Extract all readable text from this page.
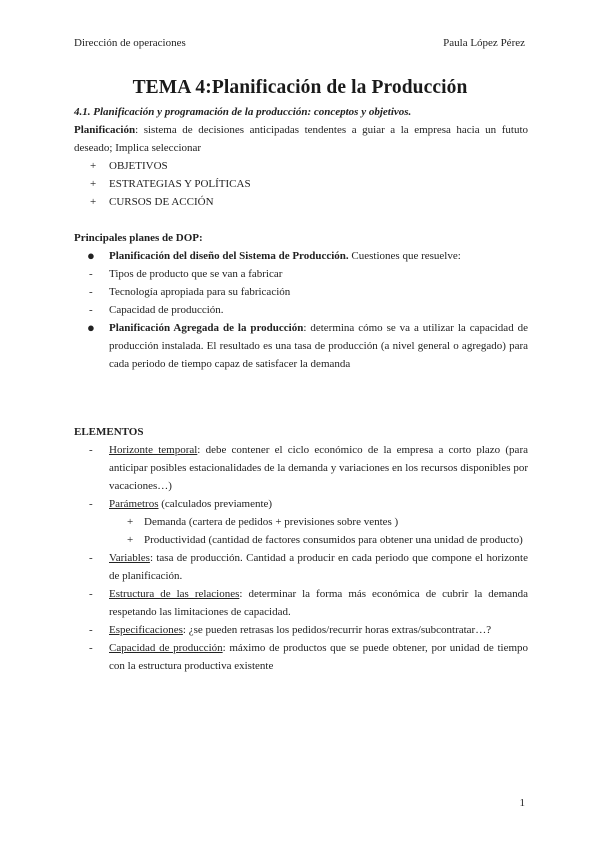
Dirección de operaciones	Paula López Pérez
TEMA 4:Planificación de la Producción
4.1. Planificación y programación de la producción: conceptos y objetivos.
Planificación: sistema de decisiones anticipadas tendentes a guiar a la empresa hacia un fututo deseado; Implica seleccionar
+ OBJETIVOS
+ ESTRATEGIAS Y POLÍTICAS
+ CURSOS DE ACCIÓN
Principales planes de DOP:
● Planificación del diseño del Sistema de Producción. Cuestiones que resuelve:
- Tipos de producto que se van a fabricar
- Tecnología apropiada para su fabricación
- Capacidad de producción.
● Planificación Agregada de la producción: determina cómo se va a utilizar la capacidad de producción instalada. El resultado es una tasa de producción (a nivel general o agregado) para cada periodo de tiempo capaz de satisfacer la demanda
ELEMENTOS
- Horizonte temporal: debe contener el ciclo económico de la empresa a corto plazo (para anticipar posibles estacionalidades de la demanda y variaciones en los recursos disponibles por vacaciones…)
- Parámetros (calculados previamente)
+ Demanda (cartera de pedidos + previsiones sobre ventes )
+ Productividad (cantidad de factores consumidos para obtener una unidad de producto)
- Variables: tasa de producción. Cantidad a producir en cada periodo que compone el horizonte de planificación.
- Estructura de las relaciones: determinar la forma más económica de cubrir la demanda respetando las limitaciones de capacidad.
- Especificaciones: ¿se pueden retrasas los pedidos/recurrir horas extras/subcontratar…?
- Capacidad de producción: máximo de productos que se puede obtener, por unidad de tiempo con la estructura productiva existente
1
